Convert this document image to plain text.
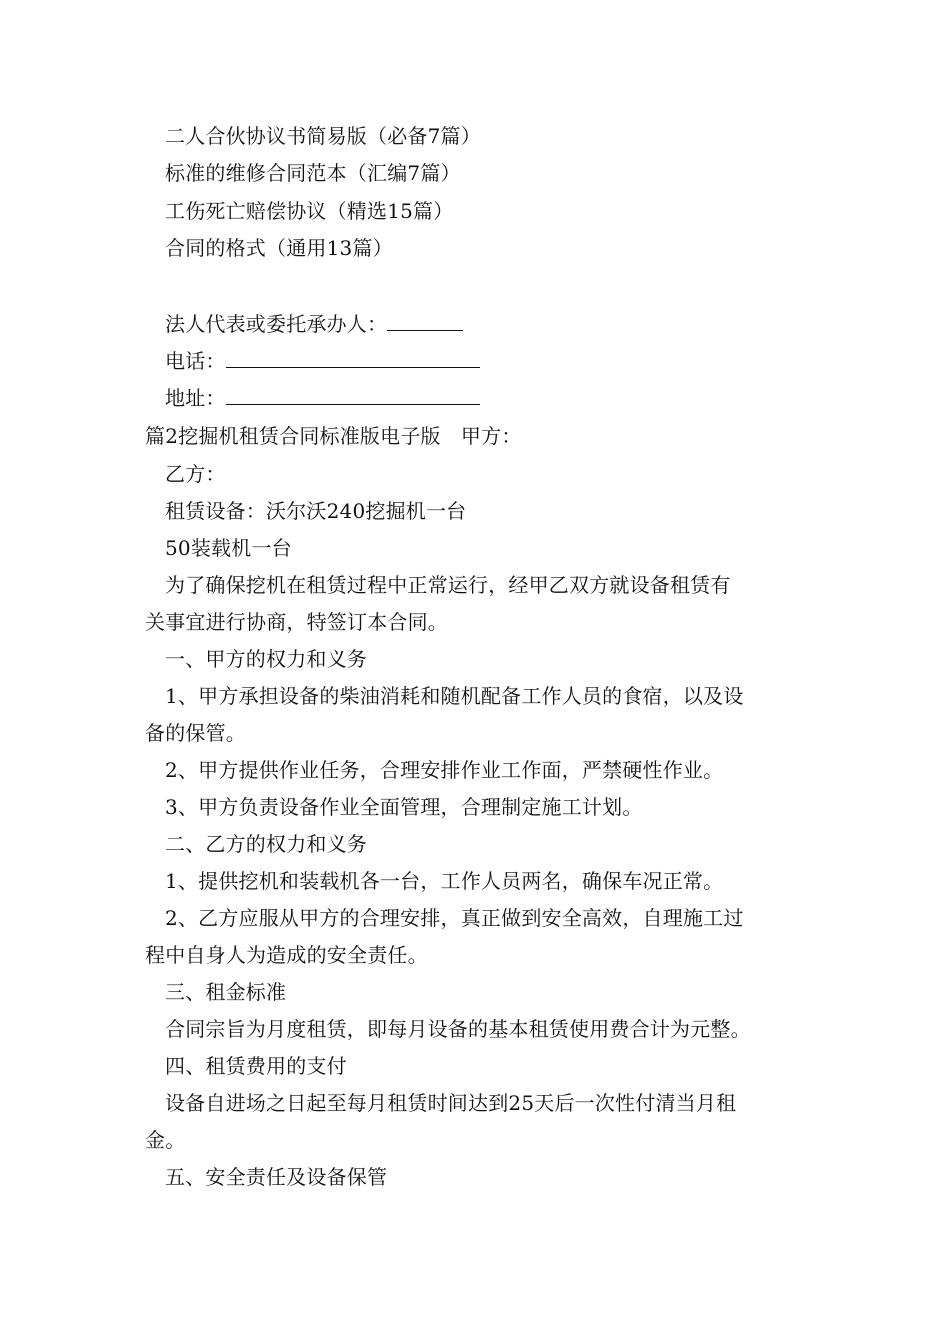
二人合伙协议书简易版（必备7篇）
标准的维修合同范本（汇编7篇）
工伤死亡赔偿协议（精选15篇）
合同的格式（通用13篇）
法人代表或委托承办人：
电话：
地址：
篇2挖掘机租赁合同标准版电子版　甲方：
乙方：
租赁设备：沃尔沃240挖掘机一台
50装载机一台
为了确保挖机在租赁过程中正常运行，经甲乙双方就设备租赁有
关事宜进行协商，特签订本合同。
一、甲方的权力和义务
1、甲方承担设备的柴油消耗和随机配备工作人员的食宿，以及设
备的保管。
2、甲方提供作业任务，合理安排作业工作面，严禁硬性作业。
3、甲方负责设备作业全面管理，合理制定施工计划。
二、乙方的权力和义务
1、提供挖机和装载机各一台，工作人员两名，确保车况正常。
2、乙方应服从甲方的合理安排，真正做到安全高效，自理施工过
程中自身人为造成的安全责任。
三、租金标准
合同宗旨为月度租赁，即每月设备的基本租赁使用费合计为元整。
四、租赁费用的支付
设备自进场之日起至每月租赁时间达到25天后一次性付清当月租
金。
五、安全责任及设备保管
